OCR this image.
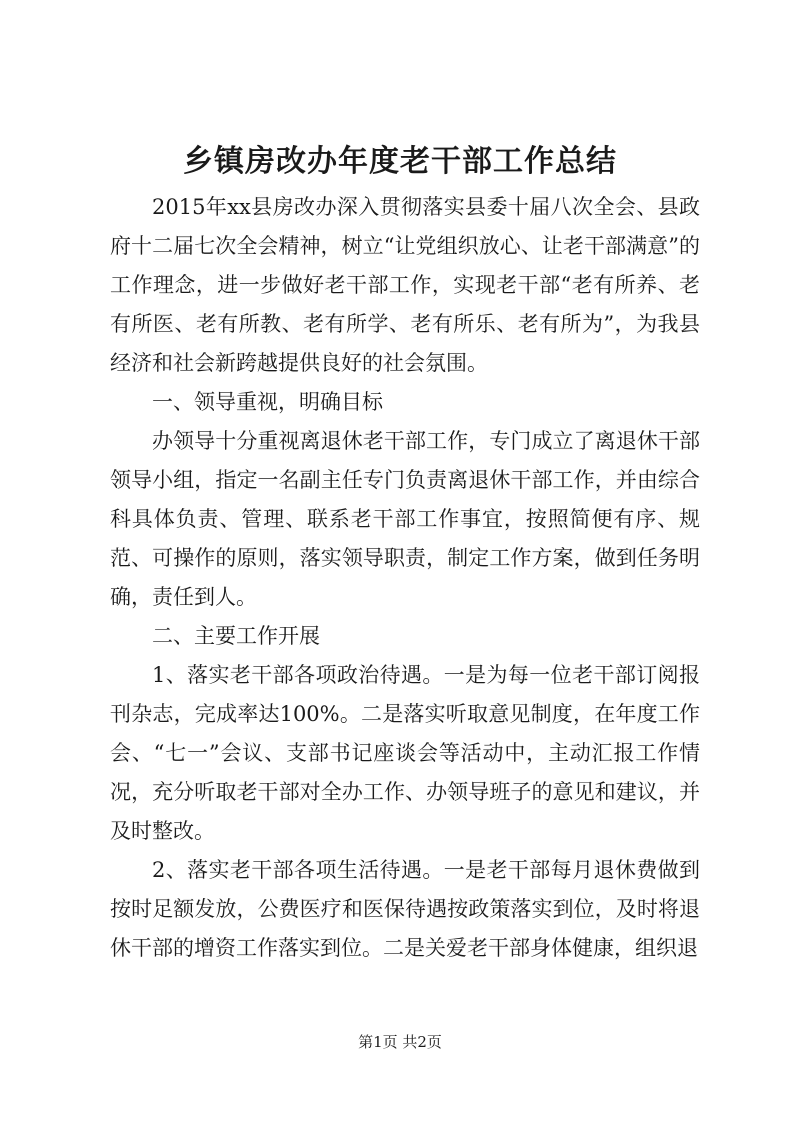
乡镇房改办年度老干部工作总结

2015年xx县房改办深入贯彻落实县委十届八次全会、县政府十二届七次全会精神，树立“让党组织放心、让老干部满意”的工作理念，进一步做好老干部工作，实现老干部“老有所养、老有所医、老有所教、老有所学、老有所乐、老有所为”，为我县经济和社会新跨越提供良好的社会氛围。

一、领导重视，明确目标

办领导十分重视离退休老干部工作，专门成立了离退休干部领导小组，指定一名副主任专门负责离退休干部工作，并由综合科具体负责、管理、联系老干部工作事宜，按照简便有序、规范、可操作的原则，落实领导职责，制定工作方案，做到任务明确，责任到人。

二、主要工作开展

1、落实老干部各项政治待遇。一是为每一位老干部订阅报刊杂志，完成率达100%。二是落实听取意见制度，在年度工作会、“七一”会议、支部书记座谈会等活动中，主动汇报工作情况，充分听取老干部对全办工作、办领导班子的意见和建议，并及时整改。

2、落实老干部各项生活待遇。一是老干部每月退休费做到按时足额发放，公费医疗和医保待遇按政策落实到位，及时将退休干部的增资工作落实到位。二是关爱老干部身体健康，组织退

第1页 共2页
